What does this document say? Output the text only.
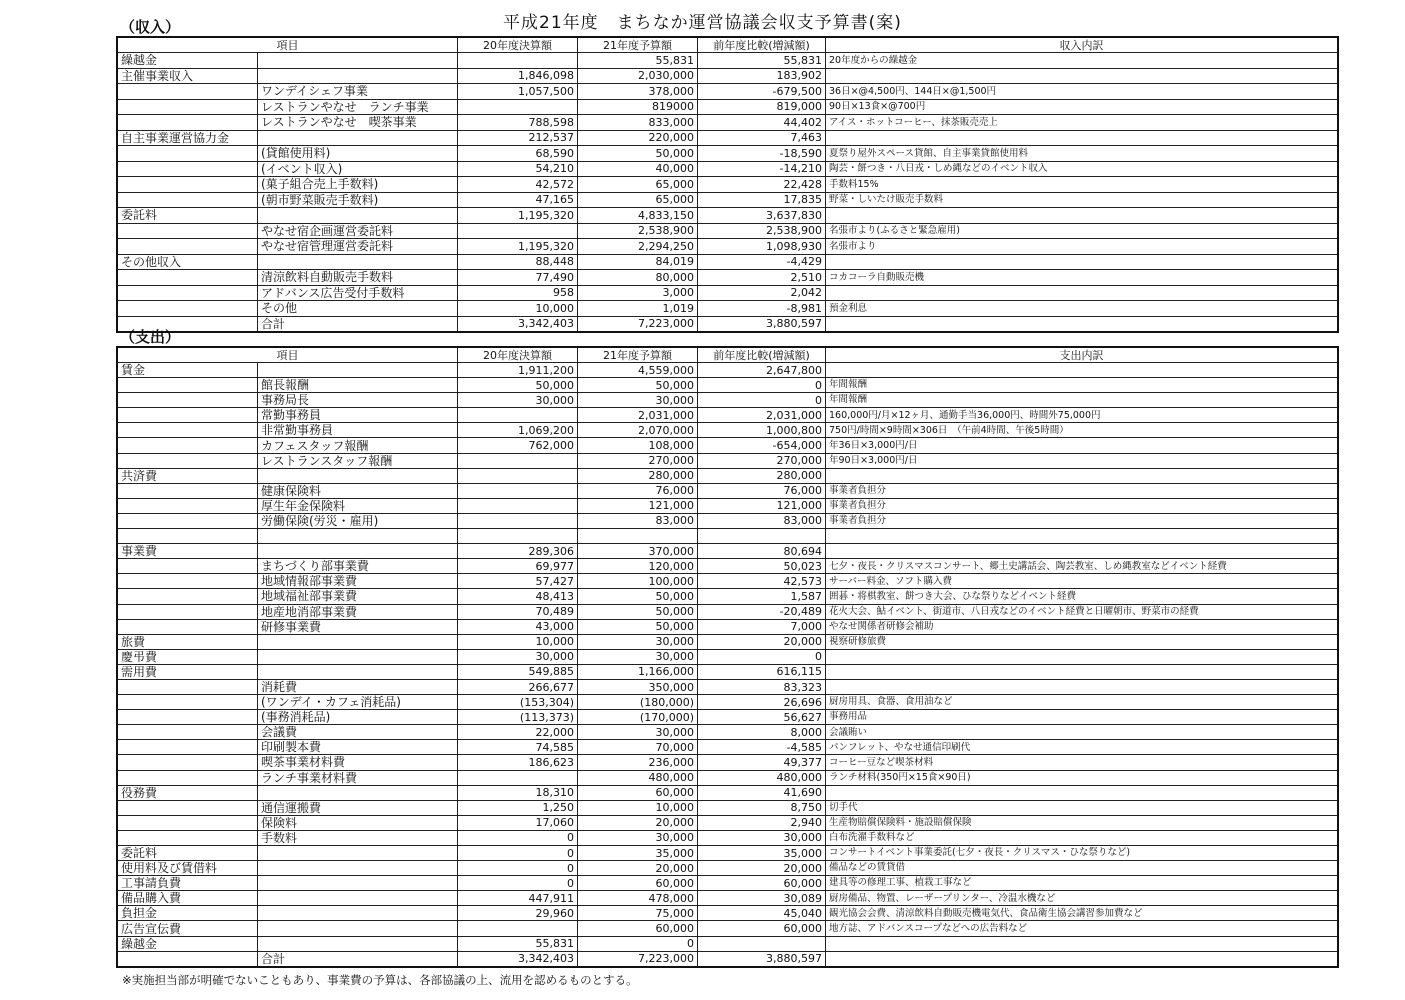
平成21年度　まちなか運営協議会収支予算書(案)
（収入）
項目		20年度決算額	21年度予算額	前年度比較(増減額)	収入内訳
繰越金			55,831	55,831	20年度からの繰越金
主催事業収入		1,846,098	2,030,000	183,902	
	ワンデイシェフ事業	1,057,500	378,000	-679,500	36日×@4,500円、144日×@1,500円
	レストランやなせ　ランチ事業		819000	819,000	90日×13食×@700円
	レストランやなせ　喫茶事業	788,598	833,000	44,402	アイス・ホットコーヒー、抹茶販売売上
自主事業運営協力金		212,537	220,000	7,463	
	(貸館使用料)	68,590	50,000	-18,590	夏祭り屋外スペース貸館、自主事業貸館使用料
	(イベント収入)	54,210	40,000	-14,210	陶芸・餅つき・八日戎・しめ縄などのイベント収入
	(菓子組合売上手数料)	42,572	65,000	22,428	手数料15%
	(朝市野菜販売手数料)	47,165	65,000	17,835	野菜・しいたけ販売手数料
委託料		1,195,320	4,833,150	3,637,830	
	やなせ宿企画運営委託料		2,538,900	2,538,900	名張市より(ふるさと緊急雇用)
	やなせ宿管理運営委託料	1,195,320	2,294,250	1,098,930	名張市より
その他収入		88,448	84,019	-4,429	
	清涼飲料自動販売手数料	77,490	80,000	2,510	コカコーラ自動販売機
	アドバンス広告受付手数料	958	3,000	2,042	
	その他	10,000	1,019	-8,981	預金利息
	合計	3,342,403	7,223,000	3,880,597	
（支出）
項目		20年度決算額	21年度予算額	前年度比較(増減額)	支出内訳
賃金		1,911,200	4,559,000	2,647,800	
	館長報酬	50,000	50,000	0	年間報酬
	事務局長	30,000	30,000	0	年間報酬
	常勤事務員		2,031,000	2,031,000	160,000円/月×12ヶ月、通勤手当36,000円、時間外75,000円
	非常勤事務員	1,069,200	2,070,000	1,000,800	750円/時間×9時間×306日　（午前4時間、午後5時間）
	カフェスタッフ報酬	762,000	108,000	-654,000	年36日×3,000円/日
	レストランスタッフ報酬		270,000	270,000	年90日×3,000円/日
共済費			280,000	280,000	
	健康保険料		76,000	76,000	事業者負担分
	厚生年金保険料		121,000	121,000	事業者負担分
	労働保険(労災・雇用)		83,000	83,000	事業者負担分

事業費		289,306	370,000	80,694	
	まちづくり部事業費	69,977	120,000	50,023	七夕・夜長・クリスマスコンサート、郷土史講話会、陶芸教室、しめ縄教室などイベント経費
	地域情報部事業費	57,427	100,000	42,573	サーバー料金、ソフト購入費
	地域福祉部事業費	48,413	50,000	1,587	囲碁・将棋教室、餅つき大会、ひな祭りなどイベント経費
	地産地消部事業費	70,489	50,000	-20,489	花火大会、鮎イベント、街道市、八日戎などのイベント経費と日曜朝市、野菜市の経費
	研修事業費	43,000	50,000	7,000	やなせ関係者研修会補助
旅費		10,000	30,000	20,000	視察研修旅費
慶弔費		30,000	30,000	0	
需用費		549,885	1,166,000	616,115	
	消耗費	266,677	350,000	83,323	
	(ワンデイ・カフェ消耗品)	(153,304)	(180,000)	26,696	厨房用具、食器、食用油など
	(事務消耗品)	(113,373)	(170,000)	56,627	事務用品
	会議費	22,000	30,000	8,000	会議賄い
	印刷製本費	74,585	70,000	-4,585	パンフレット、やなせ通信印刷代
	喫茶事業材料費	186,623	236,000	49,377	コーヒー豆など喫茶材料
	ランチ事業材料費		480,000	480,000	ランチ材料(350円×15食×90日)
役務費		18,310	60,000	41,690	
	通信運搬費	1,250	10,000	8,750	切手代
	保険料	17,060	20,000	2,940	生産物賠償保険料・施設賠償保険
	手数料	0	30,000	30,000	白布洗濯手数料など
委託料		0	35,000	35,000	コンサートイベント事業委託(七夕・夜長・クリスマス・ひな祭りなど)
使用料及び賃借料		0	20,000	20,000	備品などの賃貸借
工事請負費		0	60,000	60,000	建具等の修理工事、植栽工事など
備品購入費		447,911	478,000	30,089	厨房備品、物置、レーザープリンター、冷温水機など
負担金		29,960	75,000	45,040	観光協会会費、清涼飲料自動販売機電気代、食品衛生協会講習参加費など
広告宣伝費			60,000	60,000	地方誌、アドバンスコープなどへの広告料など
繰越金		55,831	0		
	合計	3,342,403	7,223,000	3,880,597	
※実施担当部が明確でないこともあり、事業費の予算は、各部協議の上、流用を認めるものとする。
